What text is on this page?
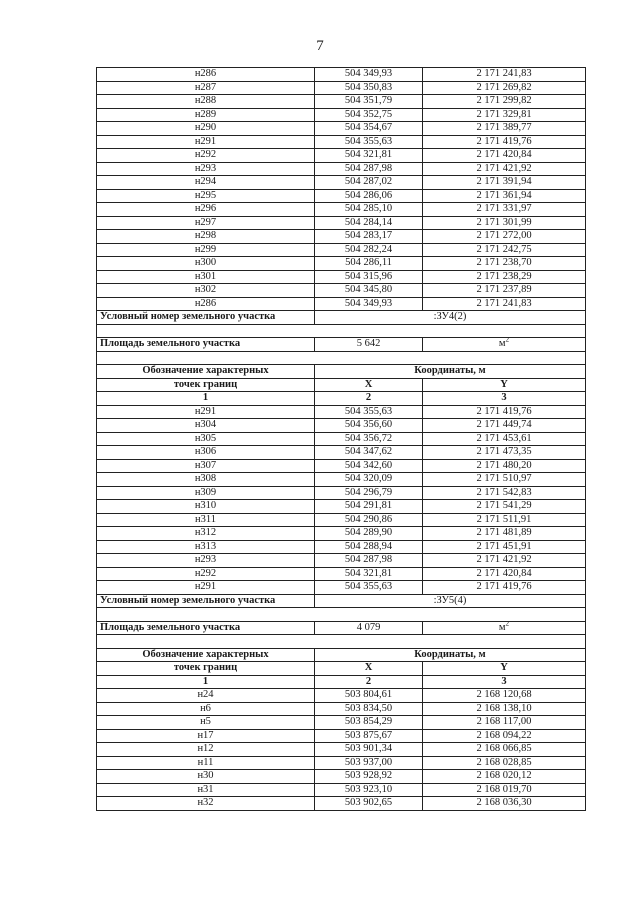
7
н286	504 349,93	2 171 241,83
н287	504 350,83	2 171 269,82
н288	504 351,79	2 171 299,82
н289	504 352,75	2 171 329,81
н290	504 354,67	2 171 389,77
н291	504 355,63	2 171 419,76
н292	504 321,81	2 171 420,84
н293	504 287,98	2 171 421,92
н294	504 287,02	2 171 391,94
н295	504 286,06	2 171 361,94
н296	504 285,10	2 171 331,97
н297	504 284,14	2 171 301,99
н298	504 283,17	2 171 272,00
н299	504 282,24	2 171 242,75
н300	504 286,11	2 171 238,70
н301	504 315,96	2 171 238,29
н302	504 345,80	2 171 237,89
н286	504 349,93	2 171 241,83
Условный номер земельного участка	:ЗУ4(2)	

Площадь земельного участка	5 642	$м^2$

Обозначение характерных	Координаты, м	
точек границ	X	Y
1	2	3
н291	504 355,63	2 171 419,76
н304	504 356,60	2 171 449,74
н305	504 356,72	2 171 453,61
н306	504 347,62	2 171 473,35
н307	504 342,60	2 171 480,20
н308	504 320,09	2 171 510,97
н309	504 296,79	2 171 542,83
н310	504 291,81	2 171 541,29
н311	504 290,86	2 171 511,91
н312	504 289,90	2 171 481,89
н313	504 288,94	2 171 451,91
н293	504 287,98	2 171 421,92
н292	504 321,81	2 171 420,84
н291	504 355,63	2 171 419,76
Условный номер земельного участка	:ЗУ5(4)	

Площадь земельного участка	4 079	$м^2$

Обозначение характерных	Координаты, м	
точек границ	X	Y
1	2	3
н24	503 804,61	2 168 120,68
н6	503 834,50	2 168 138,10
н5	503 854,29	2 168 117,00
н17	503 875,67	2 168 094,22
н12	503 901,34	2 168 066,85
н11	503 937,00	2 168 028,85
н30	503 928,92	2 168 020,12
н31	503 923,10	2 168 019,70
н32	503 902,65	2 168 036,30
